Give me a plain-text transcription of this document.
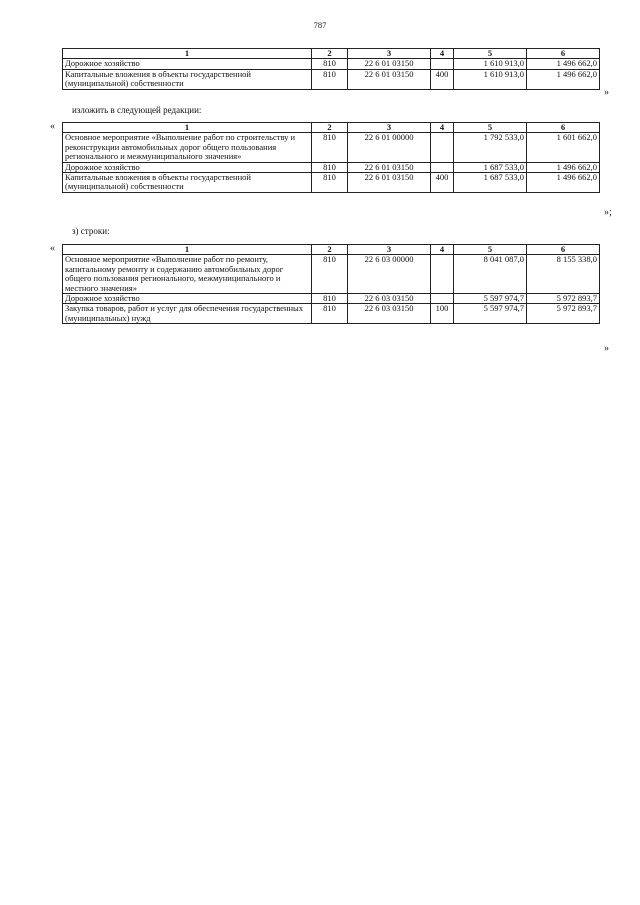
787
1	2	3	4	5	6
Дорожное хозяйство	810	22 6 01 03150		1 610 913,0	1 496 662,0
Капитальные вложения в объекты государственной (муниципальной) собственности	810	22 6 01 03150	400	1 610 913,0	1 496 662,0
»
изложить в следующей редакции:
«	1	2	3	4	5	6
Основное мероприятие «Выполнение работ по строительству и реконструкции автомобильных дорог общего пользования регионального и межмуниципального значения»	810	22 6 01 00000		1 792 533,0	1 601 662,0
Дорожное хозяйство	810	22 6 01 03150		1 687 533,0	1 496 662,0
Капитальные вложения в объекты государственной (муниципальной) собственности	810	22 6 01 03150	400	1 687 533,0	1 496 662,0
»;
з) строки:
«	1	2	3	4	5	6
Основное мероприятие «Выполнение работ по ремонту, капитальному ремонту и содержанию автомобильных дорог общего пользования регионального, межмуниципального и местного значения»	810	22 6 03 00000		8 041 087,0	8 155 338,0
Дорожное хозяйство	810	22 6 03 03150		5 597 974,7	5 972 893,7
Закупка товаров, работ и услуг для обеспечения государственных (муниципальных) нужд	810	22 6 03 03150	100	5 597 974,7	5 972 893,7
»
